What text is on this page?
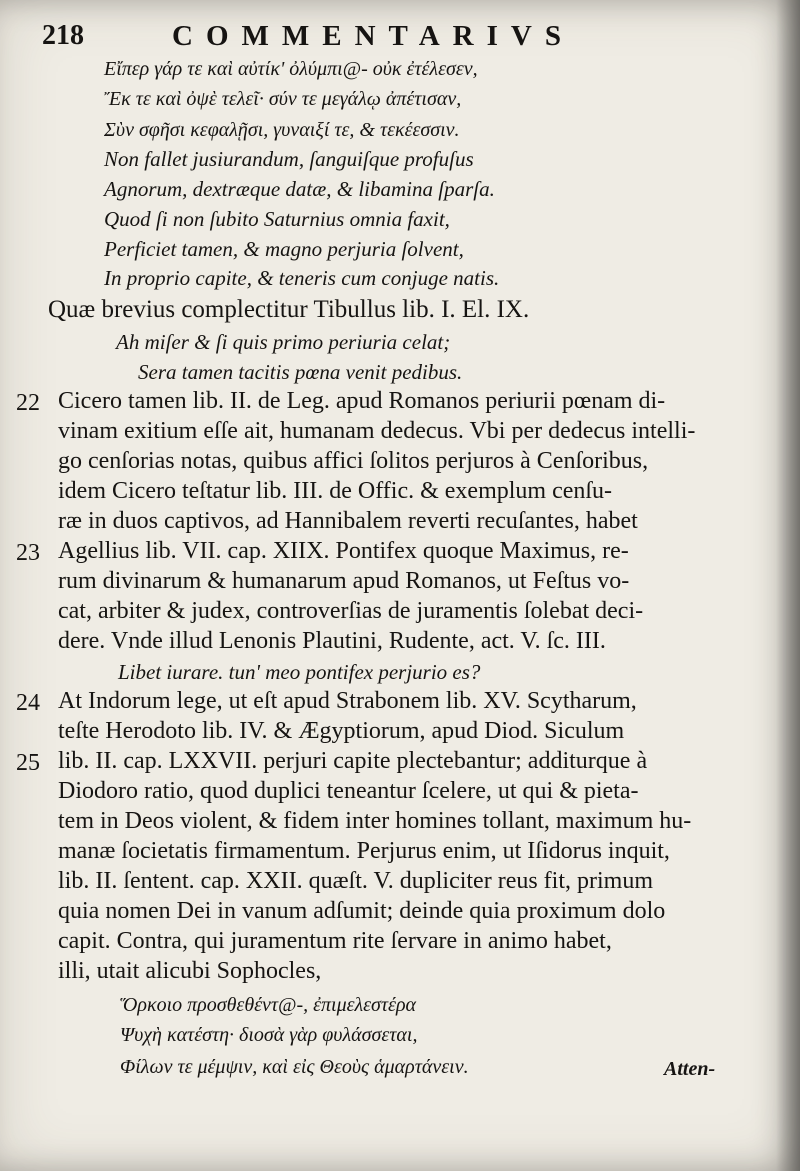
218	COMMENTARIVS
Εἴπερ γάρ τε καὶ αὐτίκ' ὀλύμπι@- οὐκ ἐτέλεσεν,
Ἔκ τε καὶ ὀψὲ τελεῖ· σύν τε μεγάλῳ ἀπέτισαν,
Σὺν σφῆσι κεφαλῇσι, γυναιξί τε, & τεκέεσσιν.
Non fallet jusiurandum, ſanguiſque profuſus
Agnorum, dextræque datæ, & libamina ſparſa.
Quod ſi non ſubito Saturnius omnia faxit,
Perficiet tamen, & magno perjuria ſolvent,
In proprio capite, & teneris cum conjuge natis.
Quæ brevius complectitur Tibullus lib. I. El. IX.
Ah miſer & ſi quis primo periuria celat;
Sera tamen tacitis pœna venit pedibus.
22
23
24
25
Cicero tamen lib. II. de Leg. apud Romanos periurii pœnam di-
vinam exitium eſſe ait, humanam dedecus. Vbi per dedecus intelli-
go cenſorias notas, quibus affici ſolitos perjuros à Cenſoribus,
idem Cicero teſtatur lib. III. de Offic. & exemplum cenſu-
ræ in duos captivos, ad Hannibalem reverti recuſantes, habet
Agellius lib. VII. cap. XIIX. Pontifex quoque Maximus, re-
rum divinarum & humanarum apud Romanos, ut Feſtus vo-
cat, arbiter & judex, controverſias de juramentis ſolebat deci-
dere. Vnde illud Lenonis Plautini, Rudente, act. V. ſc. III.
Libet iurare. tun' meo pontifex perjurio es?
At Indorum lege, ut eſt apud Strabonem lib. XV. Scytharum,
teſte Herodoto lib. IV. & Ægyptiorum, apud Diod. Siculum
lib. II. cap. LXXVII. perjuri capite plectebantur; additurque à
Diodoro ratio, quod duplici teneantur ſcelere, ut qui & pieta-
tem in Deos violent, & fidem inter homines tollant, maximum hu-
manæ ſocietatis firmamentum. Perjurus enim, ut Iſidorus inquit,
lib. II. ſentent. cap. XXII. quæſt. V. dupliciter reus fit, primum
quia nomen Dei in vanum adſumit; deinde quia proximum dolo
capit. Contra, qui juramentum rite ſervare in animo habet,
illi, utait alicubi Sophocles,
Ὅρκοιο προσθεθέντ@-, ἐπιμελεστέρα
Ψυχὴ κατέστη· διοσὰ γὰρ φυλάσσεται,
Φίλων τε μέμψιν, καὶ εἰς Θεοὺς ἁμαρτάνειν.	Atten-
